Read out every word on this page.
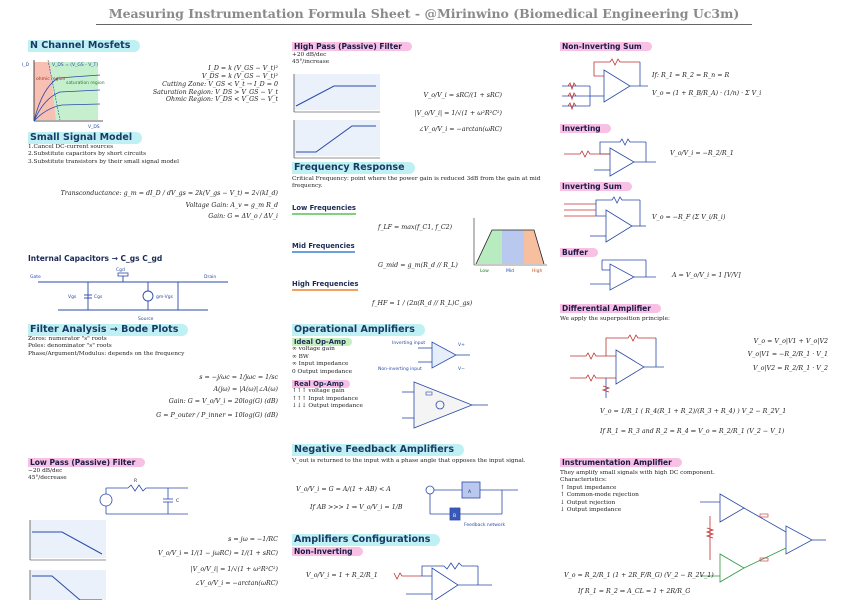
Measuring Instrumentation Formula Sheet - @Mirinwino (Biomedical Engineering Uc3m)
N Channel Mosfets
I_D
V_DS
ohmic region
saturation region
V_DS = (V_GS - V_T)	I_D = k (V_GS − V_t)²
V_DS = k (V_GS − V_t)²
Cutting Zone: V_GS < V_t → I_D = 0
Saturation Region: V_DS > V_GS − V_t
Ohmic Region: V_DS < V_GS − V_t
Small Signal Model
1.Cancel DC-current sources
2.Substitute capacitors by short circuits
3.Substitute transistors by their small signal model
Transconductance: g_m = dI_D / dV_gs = 2k(V_gs − V_t) = 2√(kI_d)
Voltage Gain: A_v = g_m R_d
Gain: G = ΔV_o / ΔV_i
Internal Capacitors → C_gs C_gd
Gate	Drain
Source
Cgd
Cgs
Vgs	gm·Vgs
Filter Analysis → Bode Plots
Zeros: numerator "s" roots
Poles: denominator "s" roots
Phase/Argument/Modulus: depends on the frequency
s = −j/ωc = 1/jωc = 1/sc
A(jω) = |A(ω)|∠A(ω)
Gain: G = V_o/V_i = 20log(G) (dB)
G = P_outer / P_inner = 10log(G) (dB)
Low Pass (Passive) Filter
−20 dB/dec
45°/decrease
R
C
s = jω = −1/RC
V_o/V_i = 1/(1 − jωRC) = 1/(1 + sRC)
|V_o/V_i| = 1/√(1 + ω²R²C²)
∠V_o/V_i = −arctan(ωRC)
High Pass (Passive) Filter
+20 dB/dec
45°/increase
V_o/V_i = sRC/(1 + sRC)
|V_o/V_i| = 1/√(1 + ω²R²C²)
∠V_o/V_i = −arctan(ωRC)
Frequency Response
Critical Frequency: point where the power gain is reduced 3dB from the gain at mid frequency.
Low Frequencies
f_LF = max(f_C1, f_C2)
Mid Frequencies
G_mid = g_m(R_d // R_L)
Low	Mid	High
High Frequencies
f_HF = 1 / (2π(R_d // R_L)C_gs)
Operational Amplifiers
Ideal Op-Amp
∞ voltage gain
∞ BW
∞ Input impedance
0 Output impedance
Real Op-Amp
↑↑↑ voltage gain
↑↑↑ Input impedance
↓↓↓ Output impedance
Inverting input
Non-inverting input
V+
V−
Negative Feedback Amplifiers
V_out is returned to the input with a phase angle that opposes the input signal.
V_o/V_i = G = A/(1 + AB) < A
If AB >>> 1 ⇒ V_o/V_i = 1/B
A
B
Feedback network
Amplifiers Configurations
Non-Inverting
V_o/V_i = 1 + R_2/R_1
Non-Inverting Sum
If: R_1 = R_2 = R_n = R
V_o = (1 + R_B/R_A) · (1/n) · Σ V_i
Inverting
V_o/V_i = −R_2/R_1
Inverting Sum
V_o = −R_F (Σ V_i/R_i)
Buffer
A = V_o/V_i = 1 [V/V]
Differential Amplifier
We apply the superposition principle:
V_o = V_o|V1 + V_o|V2
V_o|V1 = −R_2/R_1 · V_1
V_o|V2 = R_2/R_1 · V_2
V_o = 1/R_1 ( R_4(R_1 + R_2)/(R_3 + R_4) ) V_2 − R_2V_1
If R_1 = R_3 and R_2 = R_4 ⇒ V_o = R_2/R_1 (V_2 − V_1)
Instrumentation Amplifier
They amplify small signals with high DC component.
Characteristics:
↑ Input impedance
↑ Common-mode rejection
↓ Output rejection
↓ Output impedance
V_o = R_2/R_1 (1 + 2R_F/R_G) (V_2 − R_2V_1)
If R_1 = R_2 ⇒ A_CL = 1 + 2R/R_G
